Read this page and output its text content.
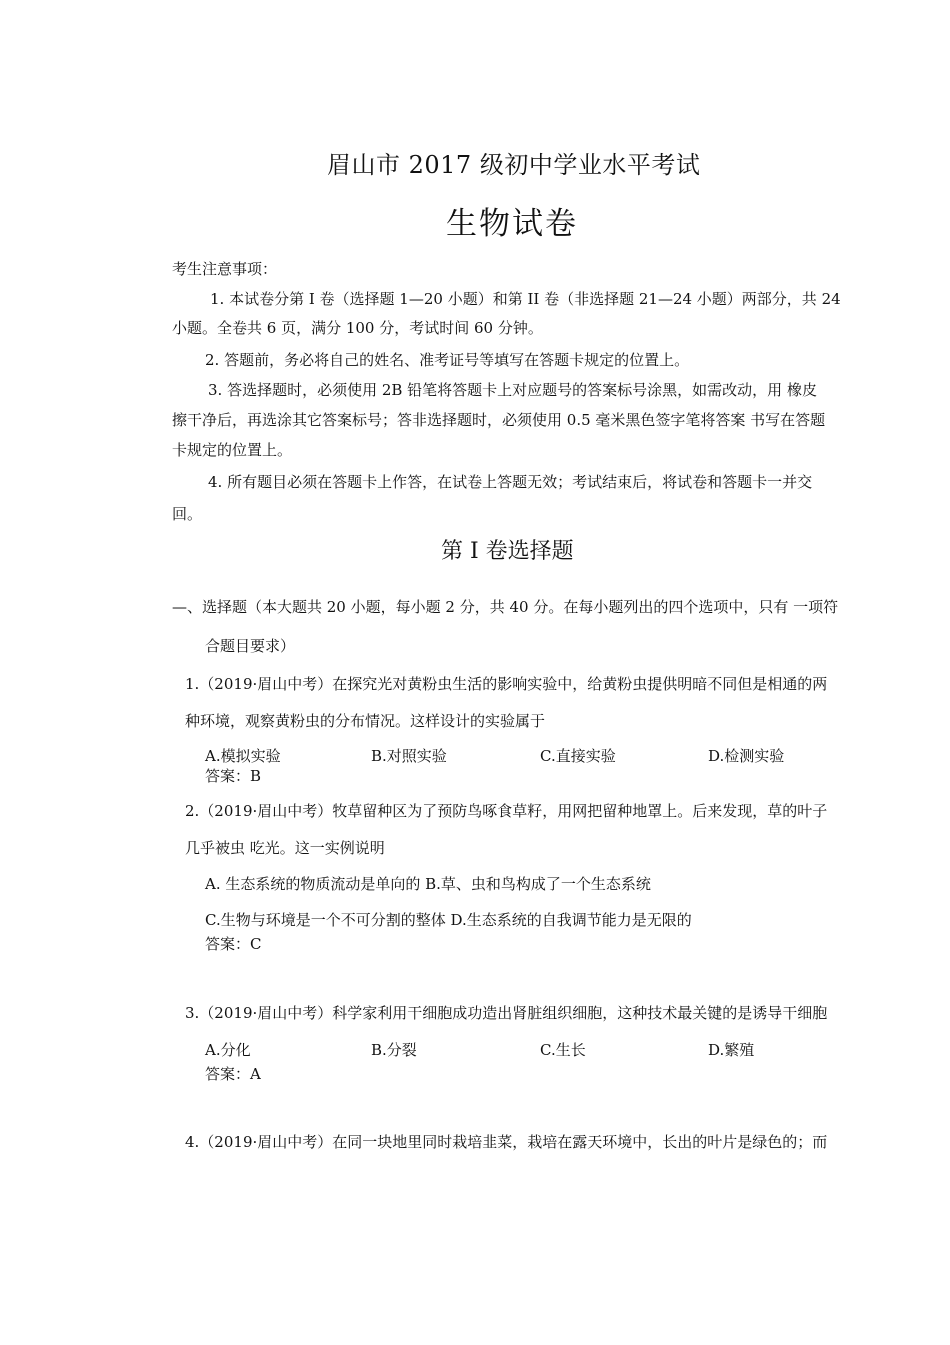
眉山市 2017 级初中学业水平考试
生物试卷
考生注意事项：
1. 本试卷分第 I 卷（选择题 1—20 小题）和第 II 卷（非选择题 21—24 小题）两部分，共 24
小题。全卷共 6 页，满分 100 分，考试时间 60 分钟。
2. 答题前，务必将自己的姓名、准考证号等填写在答题卡规定的位置上。
3. 答选择题时，必须使用 2B 铅笔将答题卡上对应题号的答案标号涂黑，如需改动，用 橡皮
擦干净后，再选涂其它答案标号；答非选择题时，必须使用 0.5 毫米黑色签字笔将答案 书写在答题
卡规定的位置上。
4. 所有题目必须在答题卡上作答，在试卷上答题无效；考试结束后，将试卷和答题卡一并交
回。
第 I 卷选择题
—、选择题（本大题共 20 小题，每小题 2 分，共 40 分。在每小题列出的四个选项中，只有 一项符
合题目要求）
1.（2019·眉山中考）在探究光对黄粉虫生活的影响实验中，给黄粉虫提供明暗不同但是相通的两
种环境，观察黄粉虫的分布情况。这样设计的实验属于
A.模拟实验	B.对照实验	C.直接实验	D.检测实验
答案：B
2.（2019·眉山中考）牧草留种区为了预防鸟啄食草籽，用网把留种地罩上。后来发现，草的叶子
几乎被虫 吃光。这一实例说明
A. 生态系统的物质流动是单向的 B.草、虫和鸟构成了一个生态系统
C.生物与环境是一个不可分割的整体 D.生态系统的自我调节能力是无限的
答案：C
3.（2019·眉山中考）科学家利用干细胞成功造出肾脏组织细胞，这种技术最关键的是诱导干细胞
A.分化	B.分裂	C.生长	D.繁殖
答案：A
4.（2019·眉山中考）在同一块地里同时栽培韭菜，栽培在露天环境中，长出的叶片是绿色的；而
